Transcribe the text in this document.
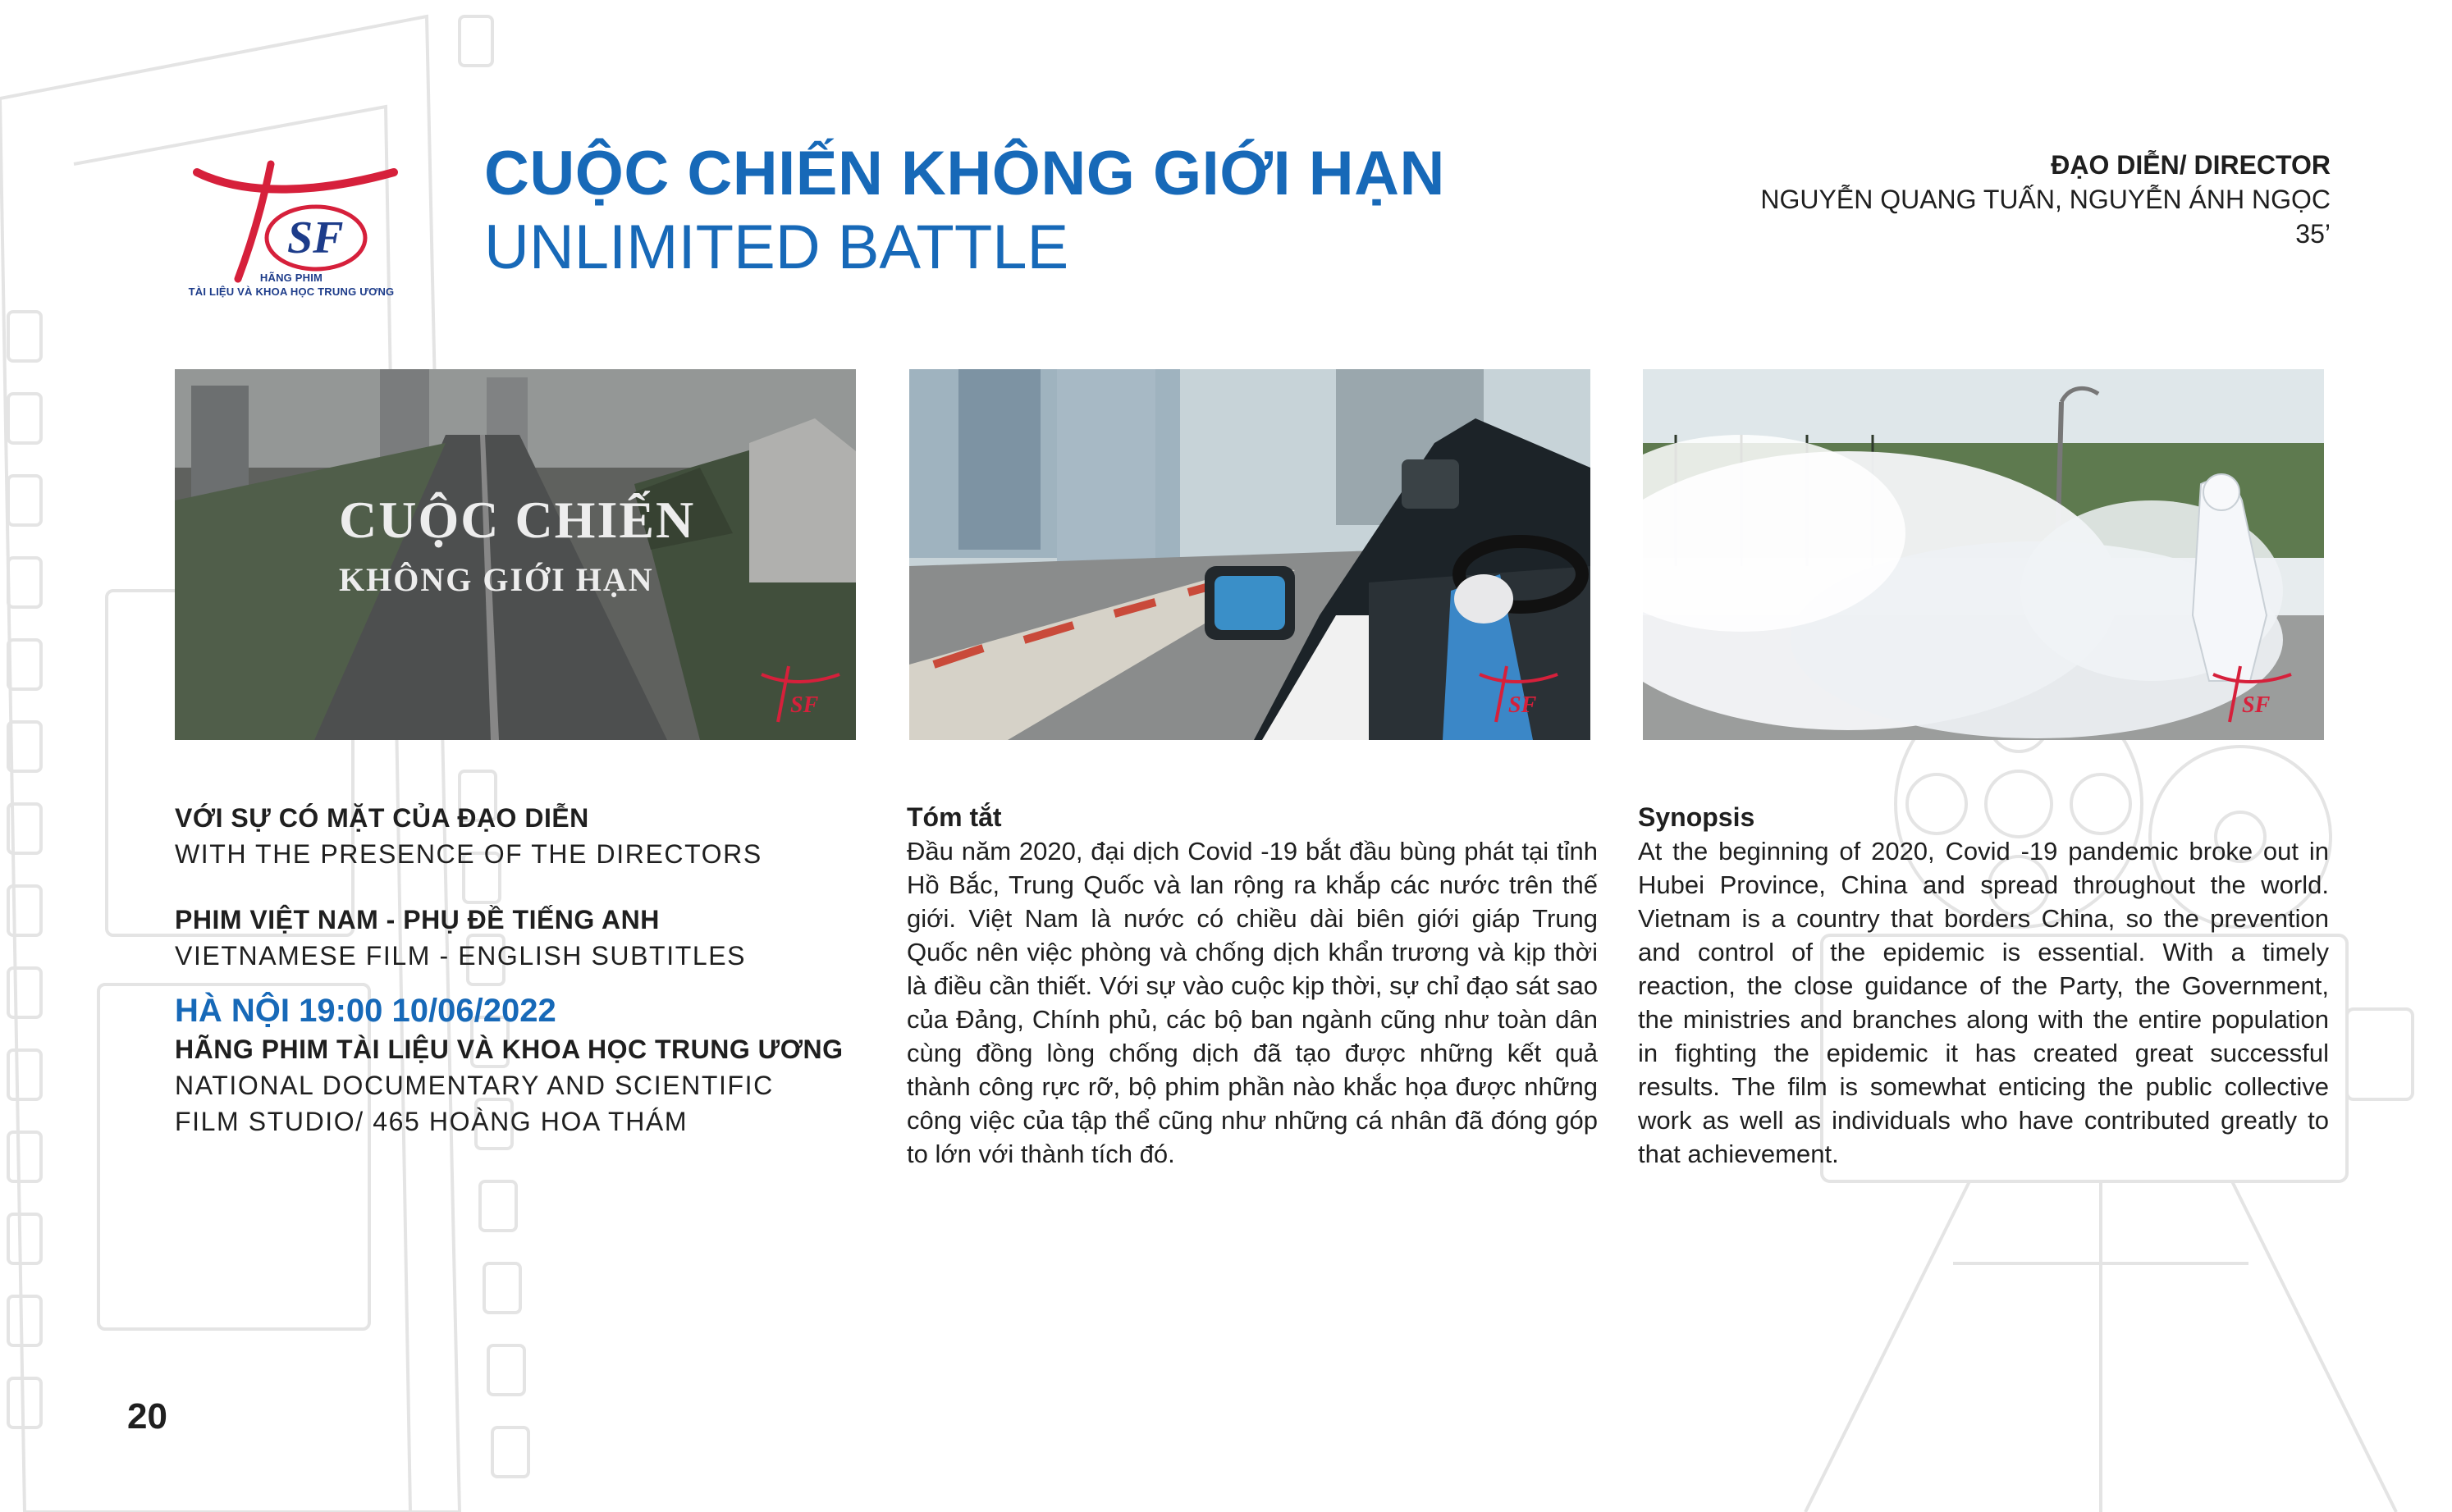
SF
HÃNG PHIM
TÀI LIỆU VÀ KHOA HỌC TRUNG ƯƠNG
CUỘC CHIẾN KHÔNG GIỚI HẠN
UNLIMITED BATTLE
ĐẠO DIỄN/ DIRECTOR
NGUYỄN QUANG TUẤN, NGUYỄN ÁNH NGỌC
35’
CUỘC CHIẾN
KHÔNG GIỚI HẠN
SF	SF	SF
VỚI SỰ CÓ MẶT CỦA ĐẠO DIỄN
WITH THE PRESENCE OF THE DIRECTORS
PHIM VIỆT NAM - PHỤ ĐỀ TIẾNG ANH
VIETNAMESE FILM - ENGLISH SUBTITLES
HÀ NỘI 19:00 10/06/2022
HÃNG PHIM TÀI LIỆU VÀ KHOA HỌC TRUNG ƯƠNG
NATIONAL DOCUMENTARY AND SCIENTIFIC
FILM STUDIO/ 465 HOÀNG HOA THÁM
Tóm tắt
Đầu năm 2020, đại dịch Covid -19 bắt đầu bùng phát tại tỉnh Hồ Bắc, Trung Quốc và lan rộng ra khắp các nước trên thế giới. Việt Nam là nước có chiều dài biên giới giáp Trung Quốc nên việc phòng và chống dịch khẩn trương và kịp thời là điều cần thiết. Với sự vào cuộc kịp thời, sự chỉ đạo sát sao của Đảng, Chính phủ, các bộ ban ngành cũng như toàn dân cùng đồng lòng chống dịch đã tạo được những kết quả thành công rực rỡ, bộ phim phần nào khắc họa được những công việc của tập thể cũng như những cá nhân đã đóng góp to lớn với thành tích đó.
Synopsis
At the beginning of 2020, Covid -19 pandemic broke out in Hubei Province, China and spread throughout the world. Vietnam is a country that borders China, so the prevention and control of the epidemic is essential. With a timely reaction, the close guidance of the Party, the Government, the ministries and branches along with the entire population in fighting the epidemic it has created great successful results. The film is somewhat enticing the public collective work as well as individuals who have contributed greatly to that achievement.
20
